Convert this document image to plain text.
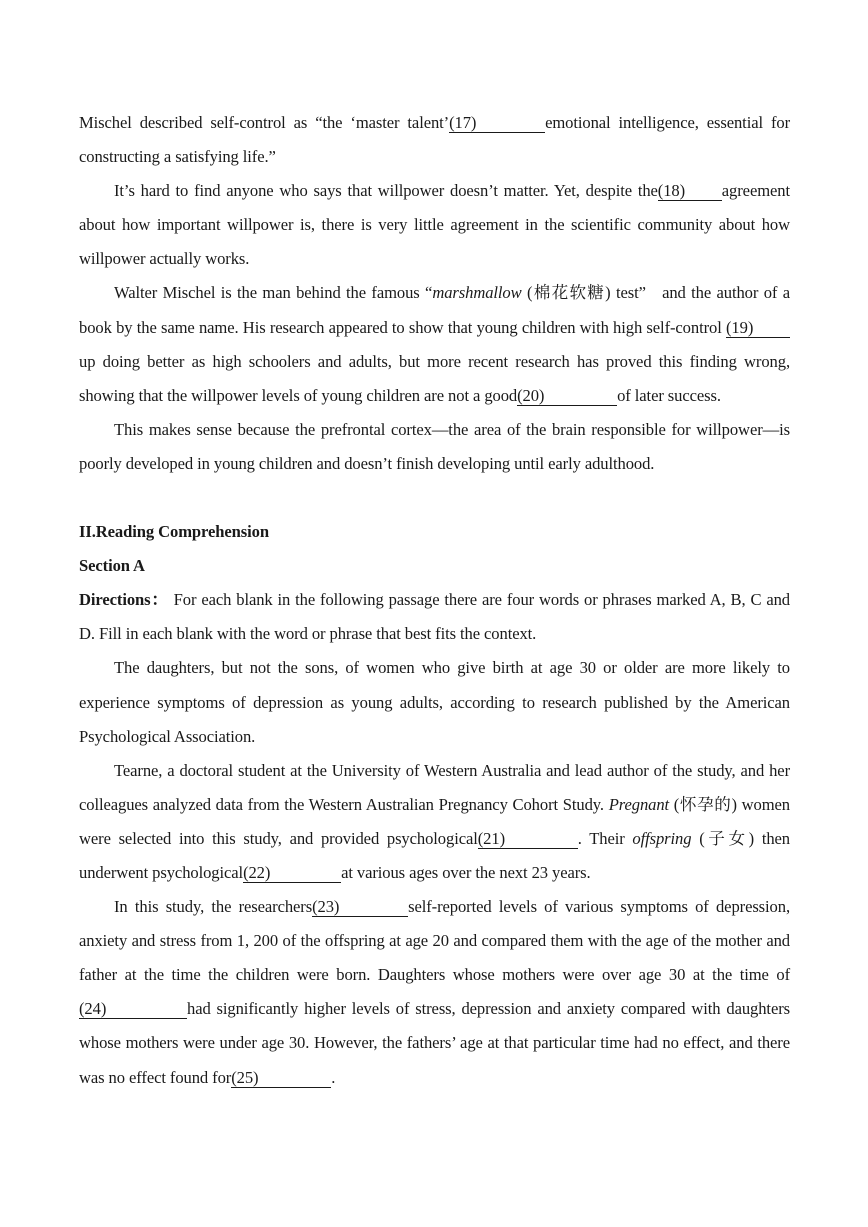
Mischel described self-control as “the ‘master talent’(17)	emotional intelligence, essential for constructing a satisfying life.”

It’s hard to find anyone who says that willpower doesn’t matter. Yet, despite the(18) agreement about how important willpower is, there is very little agreement in the scientific community about how willpower actually works.

Walter Mischel is the man behind the famous “marshmallow (棉花软糖) test”   and the author of a book by the same name. His research appeared to show that young children with high self-control (19)up doing better as high schoolers and adults, but more recent research has proved this finding wrong, showing that the willpower levels of young children are not a good(20)	of later success.

This makes sense because the prefrontal cortex—the area of the brain responsible for willpower—is poorly developed in young children and doesn’t finish developing until early adulthood.

II.Reading Comprehension

Section A

Directions： For each blank in the following passage there are four words or phrases marked A, B, C and D. Fill in each blank with the word or phrase that best fits the context.

The daughters, but not the sons, of women who give birth at age 30 or older are more likely to experience symptoms of depression as young adults, according to research published by the American Psychological Association.

Tearne, a doctoral student at the University of Western Australia and lead author of the study, and her colleagues analyzed data from the Western Australian Pregnancy Cohort Study. Pregnant (怀孕的) women were selected into this study, and provided psychological(21)	. Their offspring (子女) then underwent psychological(22)	at various ages over the next 23 years.

In this study, the researchers(23)	self-reported levels of various symptoms of depression, anxiety and stress from 1, 200 of the offspring at age 20 and compared them with the age of the mother and father at the time the children were born. Daughters whose mothers were over age 30 at the time of(24)	had significantly higher levels of stress, depression and anxiety compared with daughters whose mothers were under age 30. However, the fathers’ age at that particular time had no effect, and there was no effect found for(25)	.
